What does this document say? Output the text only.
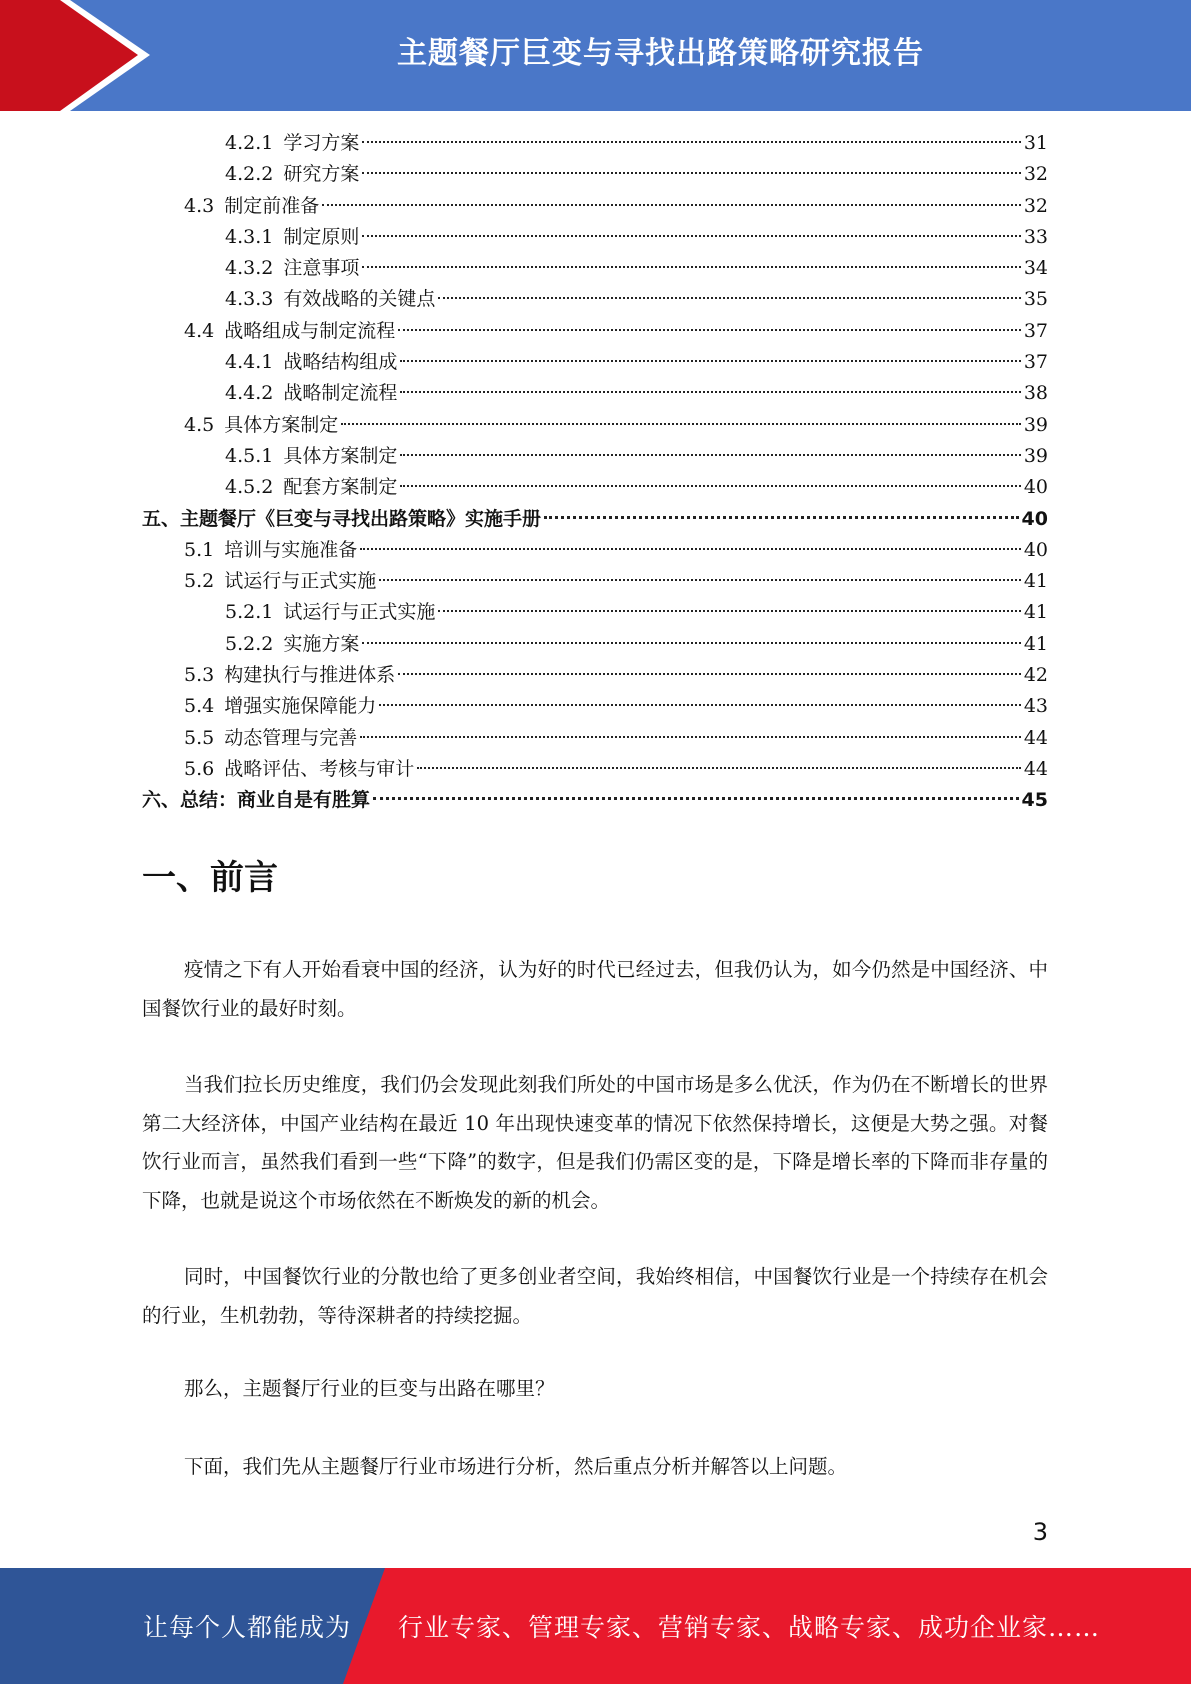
主题餐厅巨变与寻找出路策略研究报告
4.2.1 学习方案	31
4.2.2 研究方案	32
4.3 制定前准备	32
4.3.1 制定原则	33
4.3.2 注意事项	34
4.3.3 有效战略的关键点	35
4.4 战略组成与制定流程	37
4.4.1 战略结构组成	37
4.4.2 战略制定流程	38
4.5 具体方案制定	39
4.5.1 具体方案制定	39
4.5.2 配套方案制定	40
五、主题餐厅《巨变与寻找出路策略》实施手册	40
5.1 培训与实施准备	40
5.2 试运行与正式实施	41
5.2.1 试运行与正式实施	41
5.2.2 实施方案	41
5.3 构建执行与推进体系	42
5.4 增强实施保障能力	43
5.5 动态管理与完善	44
5.6 战略评估、考核与审计	44
六、总结：商业自是有胜算	45
一、前言

疫情之下有人开始看衰中国的经济，认为好的时代已经过去，但我仍认为，如今仍然是中国经济、中国餐饮行业的最好时刻。

当我们拉长历史维度，我们仍会发现此刻我们所处的中国市场是多么优沃，作为仍在不断增长的世界第二大经济体，中国产业结构在最近 10 年出现快速变革的情况下依然保持增长，这便是大势之强。对餐饮行业而言，虽然我们看到一些“下降”的数字，但是我们仍需区变的是，下降是增长率的下降而非存量的下降，也就是说这个市场依然在不断焕发的新的机会。

同时，中国餐饮行业的分散也给了更多创业者空间，我始终相信，中国餐饮行业是一个持续存在机会的行业，生机勃勃，等待深耕者的持续挖掘。

那么，主题餐厅行业的巨变与出路在哪里？

下面，我们先从主题餐厅行业市场进行分析，然后重点分析并解答以上问题。

3
让每个人都能成为 行业专家、管理专家、营销专家、战略专家、成功企业家……
